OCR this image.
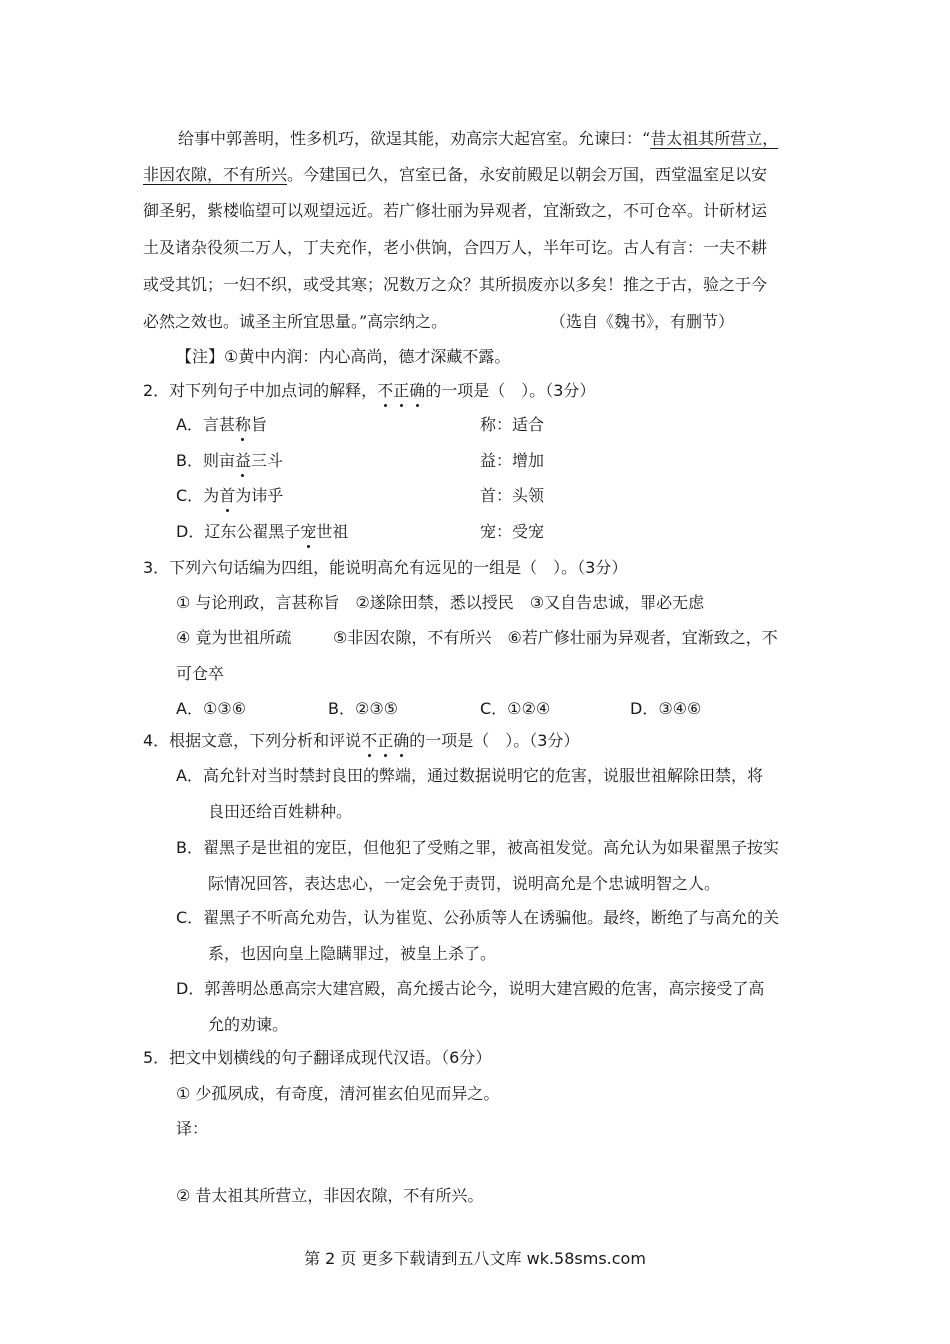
给事中郭善明，性多机巧，欲逞其能，劝高宗大起宫室。允谏曰：“昔太祖其所营立，
非因农隙，不有所兴。今建国已久，宫室已备，永安前殿足以朝会万国，西堂温室足以安
御圣躬，紫楼临望可以观望远近。若广修壮丽为异观者，宜渐致之，不可仓卒。计斫材运
土及诸杂役须二万人，丁夫充作，老小供饷，合四万人，半年可讫。古人有言：一夫不耕
或受其饥；一妇不织，或受其寒；况数万之众？其所损废亦以多矣！推之于古，验之于今
必然之效也。诚圣主所宜思量。”高宗纳之。	（选自《魏书》，有删节）
【注】①黄中内润：内心高尚，德才深藏不露。
2．对下列句子中加点词的解释，不正确的一项是（　）。（3分）
A．言甚称旨	称：适合
B．则亩益三斗	益：增加
C．为首为讳乎	首：头领
D．辽东公翟黑子宠世祖	宠：受宠
3．下列六句话编为四组，能说明高允有远见的一组是（　）。（3分）
① 与论刑政，言甚称旨　②遂除田禁，悉以授民　③又自告忠诚，罪必无虑
④ 竟为世祖所疏	⑤非因农隙，不有所兴　⑥若广修壮丽为异观者，宜渐致之，不
可仓卒
A．①③⑥	B．②③⑤	C．①②④	D．③④⑥
4．根据文意，下列分析和评说不正确的一项是（　）。（3分）
A．高允针对当时禁封良田的弊端，通过数据说明它的危害，说服世祖解除田禁，将
良田还给百姓耕种。
B．翟黑子是世祖的宠臣，但他犯了受贿之罪，被高祖发觉。高允认为如果翟黑子按实
际情况回答，表达忠心，一定会免于责罚，说明高允是个忠诚明智之人。
C．翟黑子不听高允劝告，认为崔览、公孙质等人在诱骗他。最终，断绝了与高允的关
系，也因向皇上隐瞒罪过，被皇上杀了。
D．郭善明怂恿高宗大建宫殿，高允援古论今，说明大建宫殿的危害，高宗接受了高
允的劝谏。
5．把文中划横线的句子翻译成现代汉语。（6分）
① 少孤夙成，有奇度，清河崔玄伯见而异之。
译：
② 昔太祖其所营立，非因农隙，不有所兴。
第 2 页 更多下载请到五八文库 wk.58sms.com
